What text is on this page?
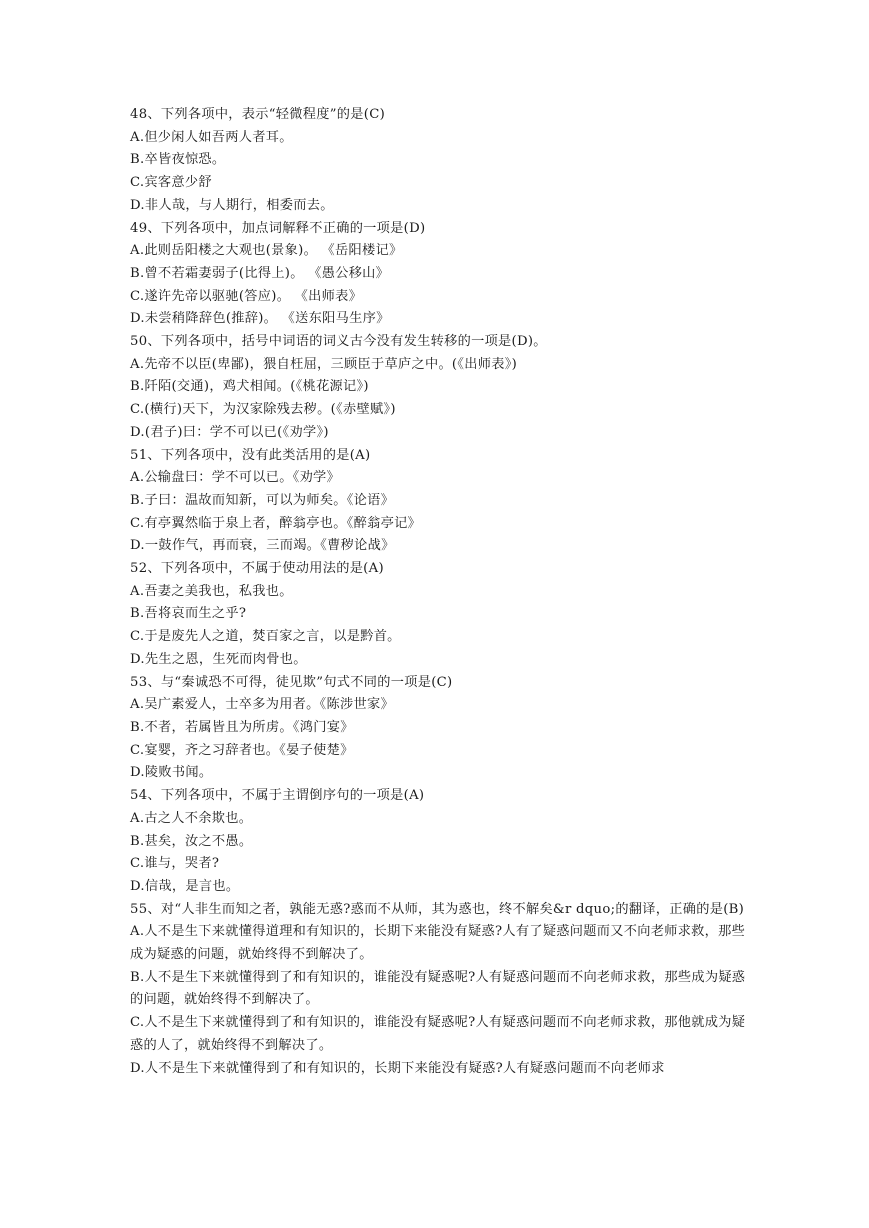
48、下列各项中，表示“轻微程度”的是(C)

A.但少闲人如吾两人者耳。

B.卒皆夜惊恐。

C.宾客意少舒

D.非人哉，与人期行，相委而去。

49、下列各项中，加点词解释不正确的一项是(D)

A.此则岳阳楼之大观也(景象)。 《岳阳楼记》

B.曾不若霜妻弱子(比得上)。 《愚公移山》

C.遂许先帝以驱驰(答应)。 《出师表》

D.未尝稍降辞色(推辞)。 《送东阳马生序》

50、下列各项中，括号中词语的词义古今没有发生转移的一项是(D)。

A.先帝不以臣(卑鄙)，猥自枉屈，三顾臣于草庐之中。(《出师表》)

B.阡陌(交通)，鸡犬相闻。(《桃花源记》)

C.(横行)天下，为汉家除残去秽。(《赤壁赋》)

D.(君子)曰：学不可以已(《劝学》)

51、下列各项中，没有此类活用的是(A)

A.公输盘曰：学不可以已。《劝学》

B.子曰：温故而知新，可以为师矣。《论语》

C.有亭翼然临于泉上者，醉翁亭也。《醉翁亭记》

D.一鼓作气，再而衰，三而竭。《曹秽论战》

52、下列各项中，不属于使动用法的是(A)

A.吾妻之美我也，私我也。

B.吾将哀而生之乎?

C.于是废先人之道，焚百家之言，以是黔首。

D.先生之恩，生死而肉骨也。

53、与“秦诚恐不可得，徒见欺”句式不同的一项是(C)

A.吴广素爱人，士卒多为用者。《陈涉世家》

B.不者，若属皆且为所虏。《鸿门宴》

C.宴婴，齐之习辞者也。《晏子使楚》

D.陵败书闻。

54、下列各项中，不属于主谓倒序句的一项是(A)

A.古之人不余欺也。

B.甚矣，汝之不愚。

C.谁与，哭者?

D.信哉，是言也。

55、对“人非生而知之者，孰能无惑?惑而不从师，其为惑也，终不解矣&r dquo;的翻译，正确的是(B)

A.人不是生下来就懂得道理和有知识的，长期下来能没有疑惑?人有了疑惑问题而又不向老师求救，那些成为疑惑的问题，就始终得不到解决了。

B.人不是生下来就懂得到了和有知识的，谁能没有疑惑呢?人有疑惑问题而不向老师求救，那些成为疑惑的问题，就始终得不到解决了。

C.人不是生下来就懂得到了和有知识的，谁能没有疑惑呢?人有疑惑问题而不向老师求救，那他就成为疑惑的人了，就始终得不到解决了。

D.人不是生下来就懂得到了和有知识的，长期下来能没有疑惑?人有疑惑问题而不向老师求
